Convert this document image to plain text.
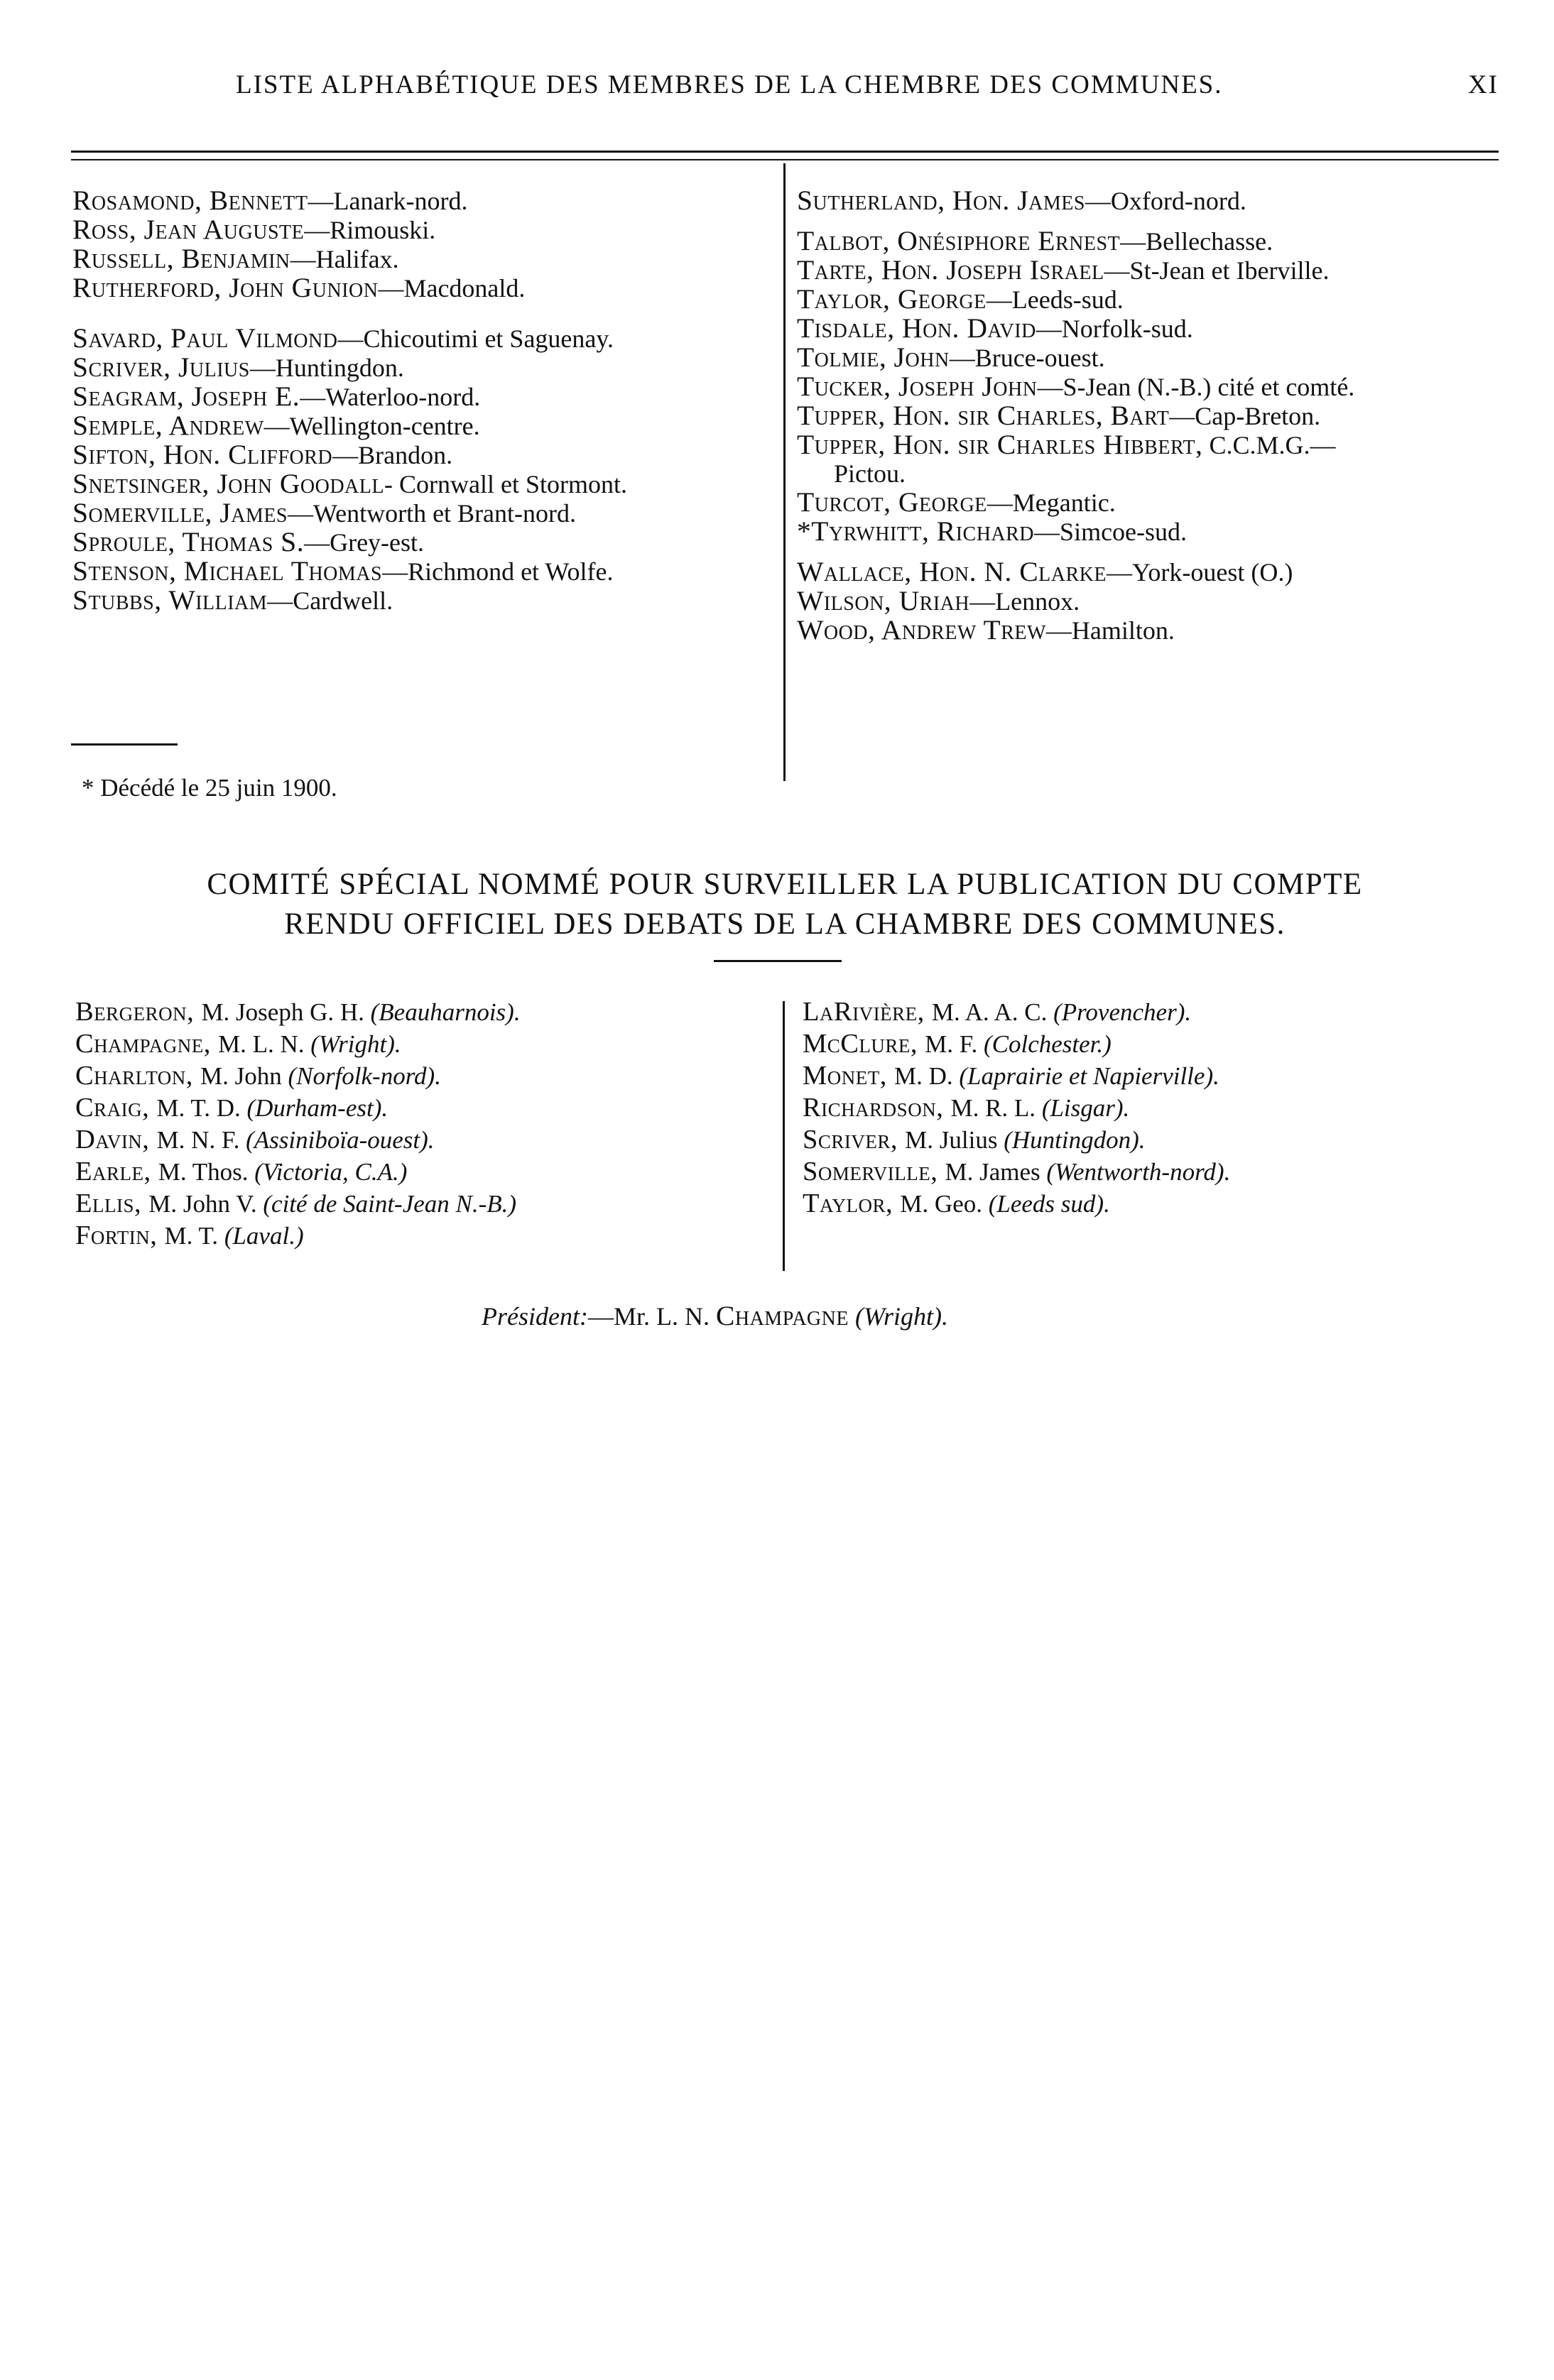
LISTE ALPHABÉTIQUE DES MEMBRES DE LA CHEMBRE DES COMMUNES.	XI

Rosamond, Bennett—Lanark-nord.

Ross, Jean Auguste—Rimouski.

Russell, Benjamin—Halifax.

Rutherford, John Gunion—Macdonald.

Savard, Paul Vilmond—Chicoutimi et Saguenay.

Scriver, Julius—Huntingdon.

Seagram, Joseph E.—Waterloo-nord.

Semple, Andrew—Wellington-centre.

Sifton, Hon. Clifford—Brandon.

Snetsinger, John Goodall- Cornwall et Stormont.

Somerville, James—Wentworth et Brant-nord.

Sproule, Thomas S.—Grey-est.

Stenson, Michael Thomas—Richmond et Wolfe.

Stubbs, William—Cardwell.

Sutherland, Hon. James—Oxford-nord.

Talbot, Onésiphore Ernest—Bellechasse.

Tarte, Hon. Joseph Israel—St-Jean et Iberville.

Taylor, George—Leeds-sud.

Tisdale, Hon. David—Norfolk-sud.

Tolmie, John—Bruce-ouest.

Tucker, Joseph John—S-Jean (N.-B.) cité et comté.

Tupper, Hon. sir Charles, Bart—Cap-Breton.

Tupper, Hon. sir Charles Hibbert, C.C.M.G.—

Pictou.

Turcot, George—Megantic.

*Tyrwhitt, Richard—Simcoe-sud.

Wallace, Hon. N. Clarke—York-ouest (O.)

Wilson, Uriah—Lennox.

Wood, Andrew Trew—Hamilton.

* Décédé le 25 juin 1900.

COMITÉ SPÉCIAL NOMMÉ POUR SURVEILLER LA PUBLICATION DU COMPTE

RENDU OFFICIEL DES DEBATS DE LA CHAMBRE DES COMMUNES.

Bergeron, M. Joseph G. H. (Beauharnois).

Champagne, M. L. N. (Wright).

Charlton, M. John (Norfolk-nord).

Craig, M. T. D. (Durham-est).

Davin, M. N. F. (Assiniboïa-ouest).

Earle, M. Thos. (Victoria, C.A.)

Ellis, M. John V. (cité de Saint-Jean N.-B.)

Fortin, M. T. (Laval.)

LaRivière, M. A. A. C. (Provencher).

McClure, M. F. (Colchester.)

Monet, M. D. (Laprairie et Napierville).

Richardson, M. R. L. (Lisgar).

Scriver, M. Julius (Huntingdon).

Somerville, M. James (Wentworth-nord).

Taylor, M. Geo. (Leeds sud).

Président:—Mr. L. N. Champagne (Wright).
